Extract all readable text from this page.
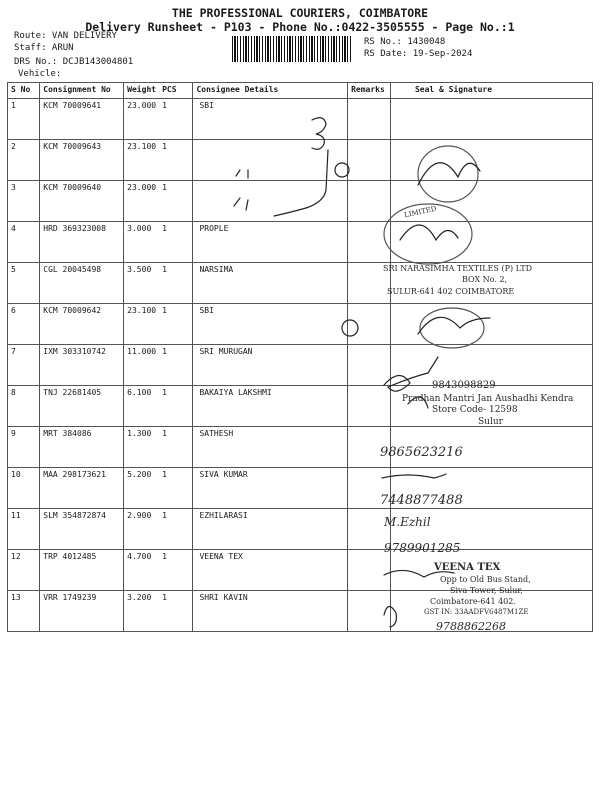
THE PROFESSIONAL COURIERS, COIMBATORE
Delivery Runsheet - P103 - Phone No.:0422-3505555 - Page No.:1
Route: VAN DELIVERY
Staff: ARUN
DRS No.: DCJB143004801
Vehicle:
RS No.: 1430048
RS Date: 19-Sep-2024
S No	Consignment No	Weight	PCS	Consignee Details	Remarks	Seal & Signature
1	KCM 70009641	23.000	1	SBI		
2	KCM 70009643	23.100	1			
3	KCM 70009640	23.000	1			
4	HRD 369323008	3.000	1	PROPLE		
5	CGL 20045498	3.500	1	NARSIMA		
6	KCM 70009642	23.100	1	SBI		
7	IXM 303310742	11.000	1	SRI MURUGAN		
8	TNJ 22681405	6.100	1	BAKAIYA LAKSHMI		
9	MRT 384086	1.300	1	SATHESH		
10	MAA 298173621	5.200	1	SIVA KUMAR		
11	SLM 354872874	2.900	1	EZHILARASI		
12	TRP 4012485	4.700	1	VEENA TEX		
13	VRR 1749239	3.200	1	SHRI KAVIN		
SRI NARASIMHA TEXTILES (P) LTD
BOX No. 2,
SULUR-641 402 COIMBATORE
LIMITED
9843098829
Pradhan Mantri Jan Aushadhi Kendra
Store Code- 12598
Sulur
9865623216
7448877488
M.Ezhil
9789901285
VEENA TEX
Opp to Old Bus Stand,
Siva Tower, Sulur,
Coimbatore-641 402.
GST IN: 33AADFV6487M1ZE
9788862268
